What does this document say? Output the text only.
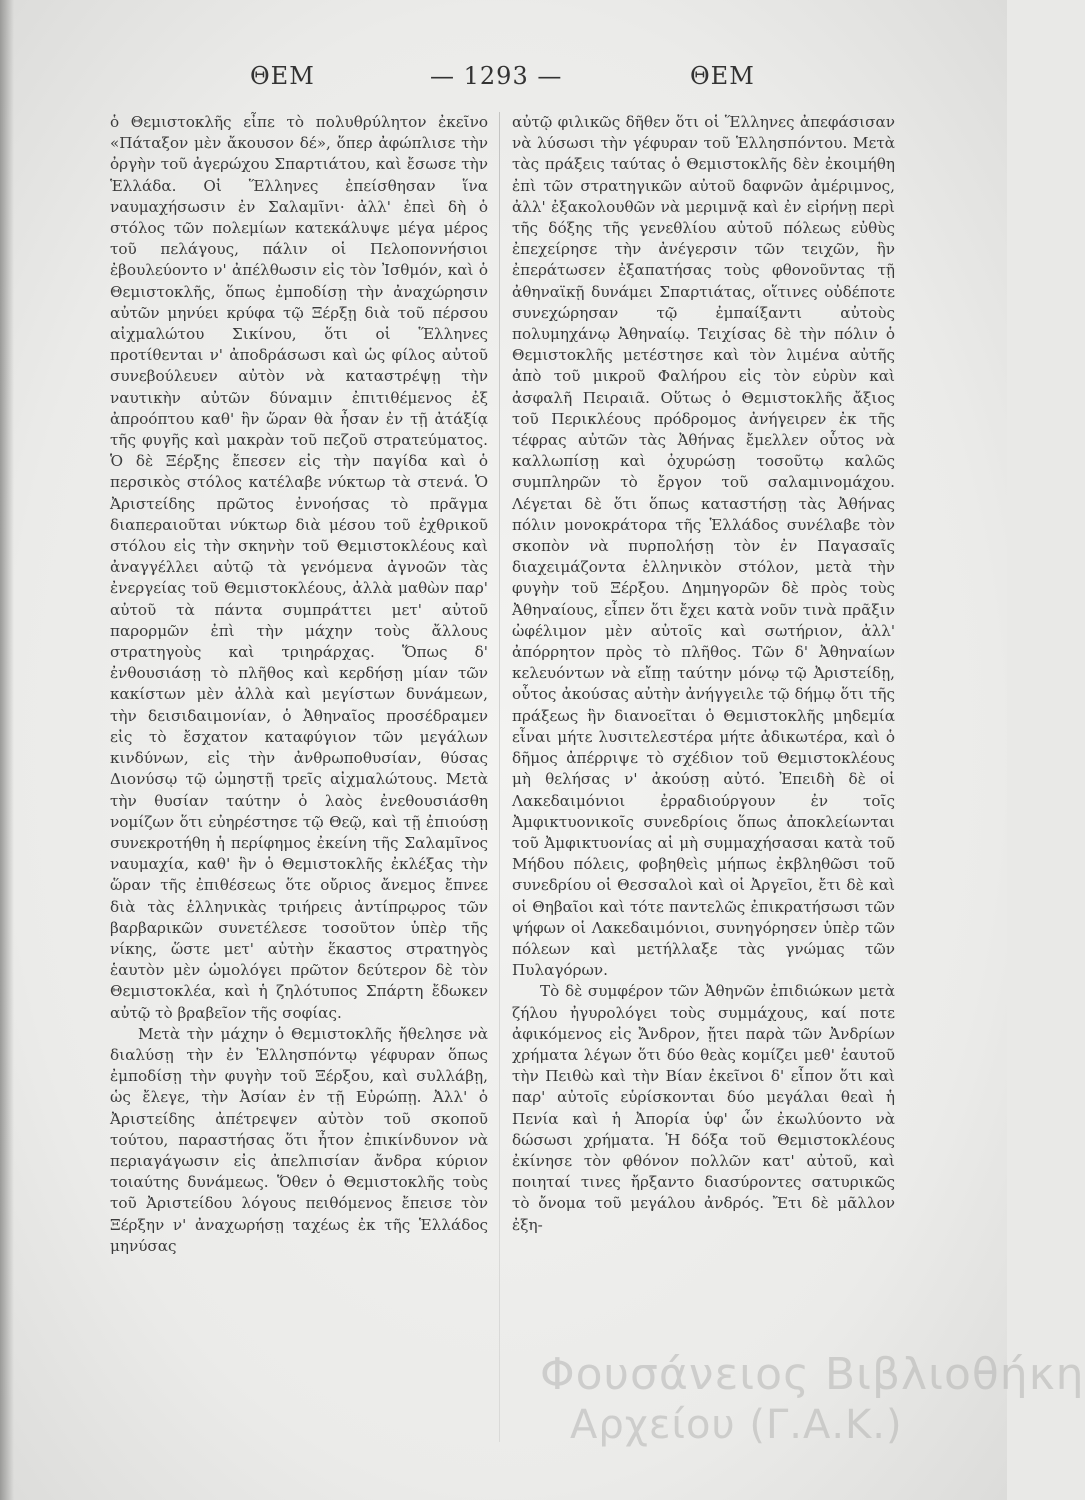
ΘΕΜ	— 1293 —	ΘΕΜ

ὁ Θεμιστοκλῆς εἶπε τὸ πολυθρύλητον ἐκεῖνο «Πάταξον μὲν ἄκουσον δέ», ὅπερ ἀφώπλισε τὴν ὀργὴν τοῦ ἀγερώχου Σπαρτιάτου, καὶ ἔσωσε τὴν Ἑλλάδα. Οἱ Ἕλληνες ἐπείσθησαν ἵνα ναυμαχήσωσιν ἐν Σαλαμῖνι· ἀλλ' ἐπεὶ δὴ ὁ στόλος τῶν πολεμίων κατεκάλυψε μέγα μέρος τοῦ πελάγους, πάλιν οἱ Πελοποννήσιοι ἐβουλεύοντο ν' ἀπέλθωσιν εἰς τὸν Ἰσθμόν, καὶ ὁ Θεμιστοκλῆς, ὅπως ἐμποδίσῃ τὴν ἀναχώρησιν αὐτῶν μηνύει κρύφα τῷ Ξέρξῃ διὰ τοῦ πέρσου αἰχμαλώτου Σικίνου, ὅτι οἱ Ἕλληνες προτίθενται ν' ἀποδράσωσι καὶ ὡς φίλος αὐτοῦ συνεβούλευεν αὐτὸν νὰ καταστρέψῃ τὴν ναυτικὴν αὐτῶν δύναμιν ἐπιτιθέμενος ἐξ ἀπροόπτου καθ' ἣν ὥραν θὰ ἦσαν ἐν τῇ ἀτάξίᾳ τῆς φυγῆς καὶ μακρὰν τοῦ πεζοῦ στρατεύματος. Ὁ δὲ Ξέρξης ἔπεσεν εἰς τὴν παγίδα καὶ ὁ περσικὸς στόλος κατέλαβε νύκτωρ τὰ στενά. Ὁ Ἀριστείδης πρῶτος ἐννοήσας τὸ πρᾶγμα διαπεραιοῦται νύκτωρ διὰ μέσου τοῦ ἐχθρικοῦ στόλου εἰς τὴν σκηνὴν τοῦ Θεμιστοκλέους καὶ ἀναγγέλλει αὐτῷ τὰ γενόμενα ἀγνοῶν τὰς ἐνεργείας τοῦ Θεμιστοκλέους, ἀλλὰ μαθὼν παρ' αὐτοῦ τὰ πάντα συμπράττει μετ' αὐτοῦ παρορμῶν ἐπὶ τὴν μάχην τοὺς ἄλλους στρατηγοὺς καὶ τριηράρχας. Ὅπως δ' ἐνθουσιάσῃ τὸ πλῆθος καὶ κερδήσῃ μίαν τῶν κακίστων μὲν ἀλλὰ καὶ μεγίστων δυνάμεων, τὴν δεισιδαιμονίαν, ὁ Ἀθηναῖος προσέδραμεν εἰς τὸ ἔσχατον καταφύγιον τῶν μεγάλων κινδύνων, εἰς τὴν ἀνθρωποθυσίαν, θύσας Διονύσῳ τῷ ὠμηστῇ τρεῖς αἰχμαλώτους. Μετὰ τὴν θυσίαν ταύτην ὁ λαὸς ἐνεθουσιάσθη νομίζων ὅτι εὐηρέστησε τῷ Θεῷ, καὶ τῇ ἐπιούσῃ συνεκροτήθη ἡ περίφημος ἐκείνη τῆς Σαλαμῖνος ναυμαχία, καθ' ἣν ὁ Θεμιστοκλῆς ἐκλέξας τὴν ὥραν τῆς ἐπιθέσεως ὅτε οὔριος ἄνεμος ἔπνεε διὰ τὰς ἑλληνικὰς τριήρεις ἀντίπρῳρος τῶν βαρβαρικῶν συνετέλεσε τοσοῦτον ὑπὲρ τῆς νίκης, ὥστε μετ' αὐτὴν ἕκαστος στρατηγὸς ἑαυτὸν μὲν ὡμολόγει πρῶτον δεύτερον δὲ τὸν Θεμιστοκλέα, καὶ ἡ ζηλότυπος Σπάρτη ἔδωκεν αὐτῷ τὸ βραβεῖον τῆς σοφίας.

Μετὰ τὴν μάχην ὁ Θεμιστοκλῆς ἤθελησε νὰ διαλύσῃ τὴν ἐν Ἑλλησπόντῳ γέφυραν ὅπως ἐμποδίσῃ τὴν φυγὴν τοῦ Ξέρξου, καὶ συλλάβῃ, ὡς ἔλεγε, τὴν Ἀσίαν ἐν τῇ Εὐρώπῃ. Ἀλλ' ὁ Ἀριστείδης ἀπέτρεψεν αὐτὸν τοῦ σκοποῦ τούτου, παραστήσας ὅτι ἦτον ἐπικίνδυνον νὰ περιαγάγωσιν εἰς ἀπελπισίαν ἄνδρα κύριον τοιαύτης δυνάμεως. Ὅθεν ὁ Θεμιστοκλῆς τοὺς τοῦ Ἀριστείδου λόγους πειθόμενος ἔπεισε τὸν Ξέρξην ν' ἀναχωρήσῃ ταχέως ἐκ τῆς Ἑλλάδος μηνύσας

αὐτῷ φιλικῶς δῆθεν ὅτι οἱ Ἕλληνες ἀπεφάσισαν νὰ λύσωσι τὴν γέφυραν τοῦ Ἑλλησπόντου. Μετὰ τὰς πράξεις ταύτας ὁ Θεμιστοκλῆς δὲν ἐκοιμήθη ἐπὶ τῶν στρατηγικῶν αὐτοῦ δαφνῶν ἀμέριμνος, ἀλλ' ἐξακολουθῶν νὰ μεριμνᾷ καὶ ἐν εἰρήνῃ περὶ τῆς δόξης τῆς γενεθλίου αὐτοῦ πόλεως εὐθὺς ἐπεχείρησε τὴν ἀνέγερσιν τῶν τειχῶν, ἣν ἐπεράτωσεν ἐξαπατήσας τοὺς φθονοῦντας τῇ ἀθηναϊκῇ δυνάμει Σπαρτιάτας, οἵτινες οὐδέποτε συνεχώρησαν τῷ ἐμπαίξαντι αὐτοὺς πολυμηχάνῳ Ἀθηναίῳ. Τειχίσας δὲ τὴν πόλιν ὁ Θεμιστοκλῆς μετέστησε καὶ τὸν λιμένα αὐτῆς ἀπὸ τοῦ μικροῦ Φαλήρου εἰς τὸν εὐρὺν καὶ ἀσφαλῆ Πειραιᾶ. Οὕτως ὁ Θεμιστοκλῆς ἄξιος τοῦ Περικλέους πρόδρομος ἀνήγειρεν ἐκ τῆς τέφρας αὐτῶν τὰς Ἀθήνας ἔμελλεν οὗτος νὰ καλλωπίσῃ καὶ ὀχυρώσῃ τοσοῦτῳ καλῶς συμπληρῶν τὸ ἔργον τοῦ σαλαμινομάχου. Λέγεται δὲ ὅτι ὅπως καταστήσῃ τὰς Ἀθήνας πόλιν μονοκράτορα τῆς Ἑλλάδος συνέλαβε τὸν σκοπὸν νὰ πυρπολήσῃ τὸν ἐν Παγασαῖς διαχειμάζοντα ἑλληνικὸν στόλον, μετὰ τὴν φυγὴν τοῦ Ξέρξου. Δημηγορῶν δὲ πρὸς τοὺς Ἀθηναίους, εἶπεν ὅτι ἔχει κατὰ νοῦν τινὰ πρᾶξιν ὠφέλιμον μὲν αὐτοῖς καὶ σωτήριον, ἀλλ' ἀπόρρητον πρὸς τὸ πλῆθος. Τῶν δ' Ἀθηναίων κελευόντων νὰ εἴπῃ ταύτην μόνῳ τῷ Ἀριστείδῃ, οὗτος ἀκούσας αὐτὴν ἀνήγγειλε τῷ δήμῳ ὅτι τῆς πράξεως ἣν διανοεῖται ὁ Θεμιστοκλῆς μηδεμία εἶναι μήτε λυσιτελεστέρα μήτε ἀδικωτέρα, καὶ ὁ δῆμος ἀπέρριψε τὸ σχέδιον τοῦ Θεμιστοκλέους μὴ θελήσας ν' ἀκούσῃ αὐτό. Ἐπειδὴ δὲ οἱ Λακεδαιμόνιοι ἐρραδιούργουν ἐν τοῖς Ἀμφικτυονικοῖς συνεδρίοις ὅπως ἀποκλείωνται τοῦ Ἀμφικτυονίας αἱ μὴ συμμαχήσασαι κατὰ τοῦ Μήδου πόλεις, φοβηθεὶς μήπως ἐκβληθῶσι τοῦ συνεδρίου οἱ Θεσσαλοὶ καὶ οἱ Ἀργεῖοι, ἔτι δὲ καὶ οἱ Θηβαῖοι καὶ τότε παντελῶς ἐπικρατήσωσι τῶν ψήφων οἱ Λακεδαιμόνιοι, συνηγόρησεν ὑπὲρ τῶν πόλεων καὶ μετήλλαξε τὰς γνώμας τῶν Πυλαγόρων.

Τὸ δὲ συμφέρον τῶν Ἀθηνῶν ἐπιδιώκων μετὰ ζήλου ἠγυρολόγει τοὺς συμμάχους, καί ποτε ἀφικόμενος εἰς Ἄνδρον, ᾔτει παρὰ τῶν Ἀνδρίων χρήματα λέγων ὅτι δύο θεὰς κομίζει μεθ' ἑαυτοῦ τὴν Πειθὼ καὶ τὴν Βίαν ἐκεῖνοι δ' εἶπον ὅτι καὶ παρ' αὐτοῖς εὑρίσκονται δύο μεγάλαι θεαὶ ἡ Πενία καὶ ἡ Ἀπορία ὑφ' ὧν ἐκωλύοντο νὰ δώσωσι χρήματα. Ἡ δόξα τοῦ Θεμιστοκλέους ἐκίνησε τὸν φθόνον πολλῶν κατ' αὐτοῦ, καὶ ποιηταί τινες ἤρξαντο διασύροντες σατυρικῶς τὸ ὄνομα τοῦ μεγάλου ἀνδρός. Ἔτι δὲ μᾶλλον ἐξη-

Φουσάνειος Βιβλιοθήκη
Αρχείου (Γ.Α.Κ.)
